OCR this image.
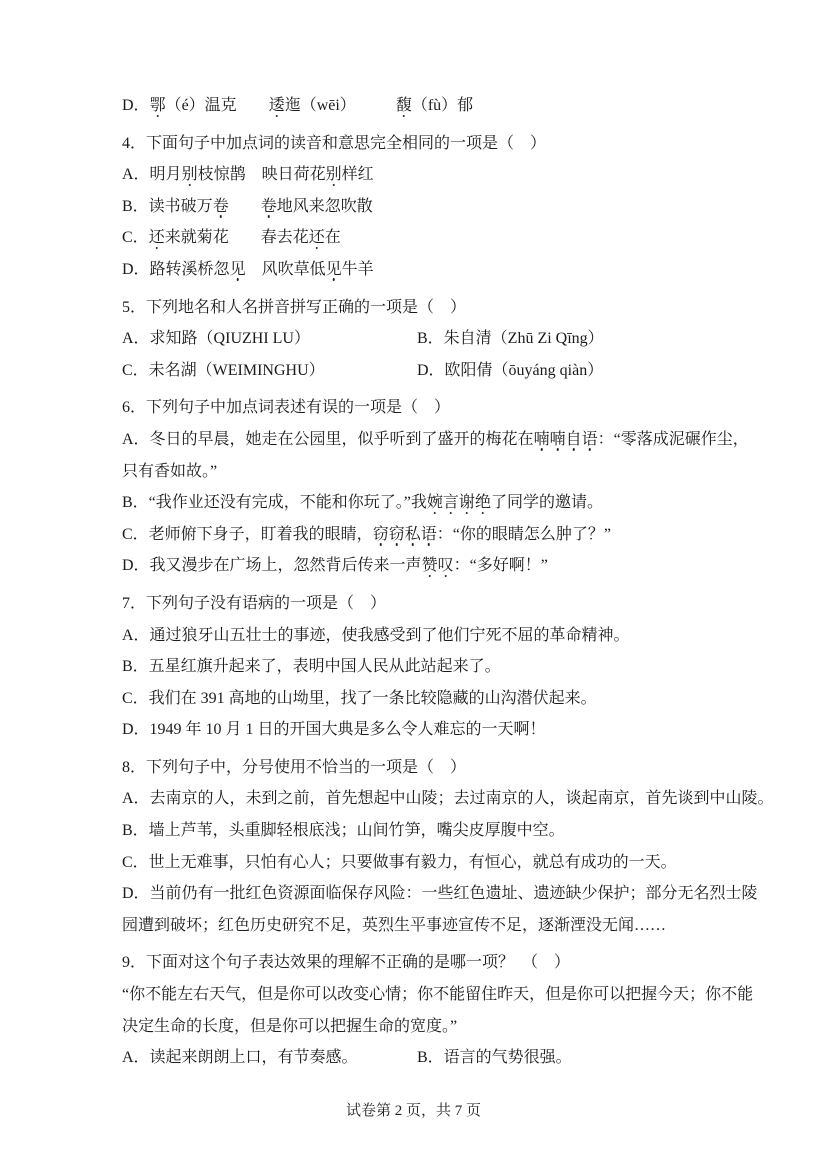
D．鄂（é）温克　　逶迤（wēi）　　　馥（fù）郁

4．下面句子中加点词的读音和意思完全相同的一项是（　）

A．明月别枝惊鹊　映日荷花别样红

B．读书破万卷　　 卷地风来忽吹散

C．还来就菊花　　春去花还在

D．路转溪桥忽见　风吹草低见牛羊

5．下列地名和人名拼音拼写正确的一项是（　）

A．求知路（QIUZHI LU）	B．朱自清（Zhū Zi Qīng）

C．未名湖（WEIMINGHU）	D．欧阳倩（ōuyáng qiàn）

6．下列句子中加点词表述有误的一项是（　）

A．冬日的早晨，她走在公园里，似乎听到了盛开的梅花在喃喃自语：“零落成泥碾作尘，

只有香如故。”

B．“我作业还没有完成，不能和你玩了。”我婉言谢绝了同学的邀请。

C．老师俯下身子，盯着我的眼睛，窃窃私语：“你的眼睛怎么肿了？”

D．我又漫步在广场上，忽然背后传来一声赞叹：“多好啊！”

7．下列句子没有语病的一项是（　）

A．通过狼牙山五壮士的事迹，使我感受到了他们宁死不屈的革命精神。

B．五星红旗升起来了，表明中国人民从此站起来了。

C．我们在 391 高地的山坳里，找了一条比较隐藏的山沟潜伏起来。

D．1949 年 10 月 1 日的开国大典是多么令人难忘的一天啊！

8．下列句子中，分号使用不恰当的一项是（　）

A．去南京的人，未到之前，首先想起中山陵；去过南京的人，谈起南京，首先谈到中山陵。

B．墙上芦苇，头重脚轻根底浅；山间竹笋，嘴尖皮厚腹中空。

C．世上无难事，只怕有心人；只要做事有毅力，有恒心，就总有成功的一天。

D．当前仍有一批红色资源面临保存风险：一些红色遗址、遗迹缺少保护；部分无名烈士陵

园遭到破坏；红色历史研究不足，英烈生平事迹宣传不足，逐渐湮没无闻……

9．下面对这个句子表达效果的理解不正确的是哪一项？　（　）

“你不能左右天气，但是你可以改变心情；你不能留住昨天，但是你可以把握今天；你不能

决定生命的长度，但是你可以把握生命的宽度。”

A．读起来朗朗上口，有节奏感。	B．语言的气势很强。

试卷第 2 页，共 7 页
